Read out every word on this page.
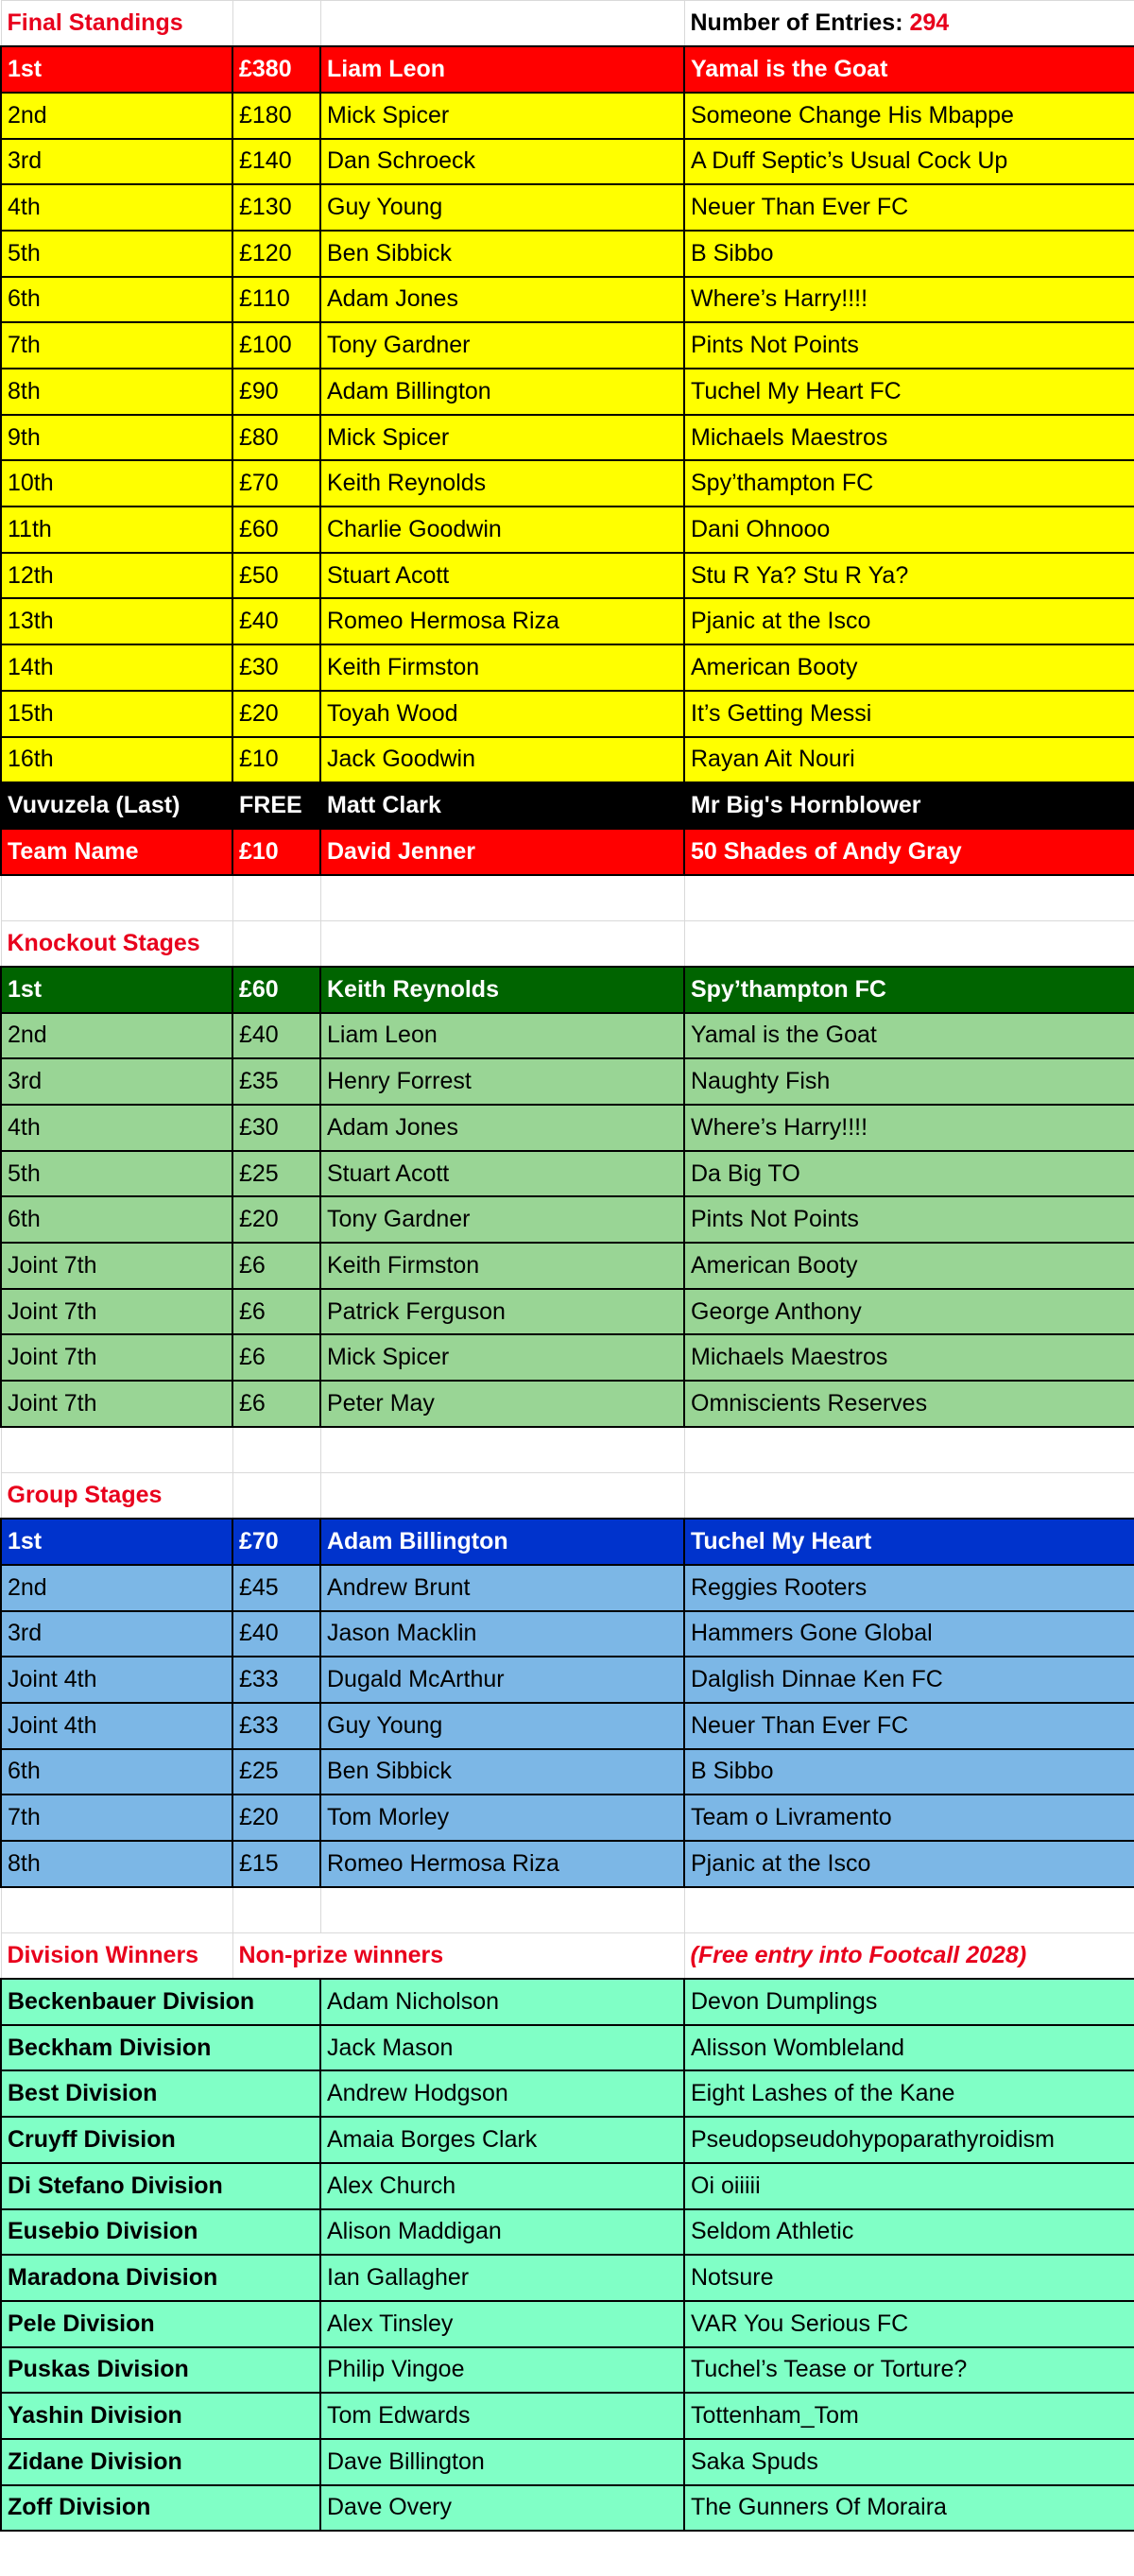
Final Standings			Number of Entries: 294
1st	£380	Liam Leon	Yamal is the Goat
2nd	£180	Mick Spicer	Someone Change His Mbappe
3rd	£140	Dan Schroeck	A Duff Septic’s Usual Cock Up
4th	£130	Guy Young	Neuer Than Ever FC
5th	£120	Ben Sibbick	B Sibbo
6th	£110	Adam Jones	Where’s Harry!!!!
7th	£100	Tony Gardner	Pints Not Points
8th	£90	Adam Billington	Tuchel My Heart FC
9th	£80	Mick Spicer	Michaels Maestros
10th	£70	Keith Reynolds	Spy’thampton FC
11th	£60	Charlie Goodwin	Dani Ohnooo
12th	£50	Stuart Acott	Stu R Ya? Stu R Ya?
13th	£40	Romeo Hermosa Riza	Pjanic at the Isco
14th	£30	Keith Firmston	American Booty
15th	£20	Toyah Wood	It’s Getting Messi
16th	£10	Jack Goodwin	Rayan Ait Nouri
Vuvuzela (Last)	FREE	Matt Clark	Mr Big's Hornblower
Team Name	£10	David Jenner	50 Shades of Andy Gray

Knockout Stages			
1st	£60	Keith Reynolds	Spy’thampton FC
2nd	£40	Liam Leon	Yamal is the Goat
3rd	£35	Henry Forrest	Naughty Fish
4th	£30	Adam Jones	Where’s Harry!!!!
5th	£25	Stuart Acott	Da Big TO
6th	£20	Tony Gardner	Pints Not Points
Joint 7th	£6	Keith Firmston	American Booty
Joint 7th	£6	Patrick Ferguson	George Anthony
Joint 7th	£6	Mick Spicer	Michaels Maestros
Joint 7th	£6	Peter May	Omniscients Reserves

Group Stages			
1st	£70	Adam Billington	Tuchel My Heart
2nd	£45	Andrew Brunt	Reggies Rooters
3rd	£40	Jason Macklin	Hammers Gone Global
Joint 4th	£33	Dugald McArthur	Dalglish Dinnae Ken FC
Joint 4th	£33	Guy Young	Neuer Than Ever FC
6th	£25	Ben Sibbick	B Sibbo
7th	£20	Tom Morley	Team o Livramento
8th	£15	Romeo Hermosa Riza	Pjanic at the Isco

Division Winners	Non-prize winners		(Free entry into Footcall 2028)
Beckenbauer Division		Adam Nicholson	Devon Dumplings
Beckham Division		Jack Mason	Alisson Wombleland
Best Division		Andrew Hodgson	Eight Lashes of the Kane
Cruyff Division		Amaia Borges Clark	Pseudopseudohypoparathyroidism
Di Stefano Division		Alex Church	Oi oiiiii
Eusebio Division		Alison Maddigan	Seldom Athletic
Maradona Division		Ian Gallagher	Notsure
Pele Division		Alex Tinsley	VAR You Serious FC
Puskas Division		Philip Vingoe	Tuchel’s Tease or Torture?
Yashin Division		Tom Edwards	Tottenham_Tom
Zidane Division		Dave Billington	Saka Spuds
Zoff Division		Dave Overy	The Gunners Of Moraira
